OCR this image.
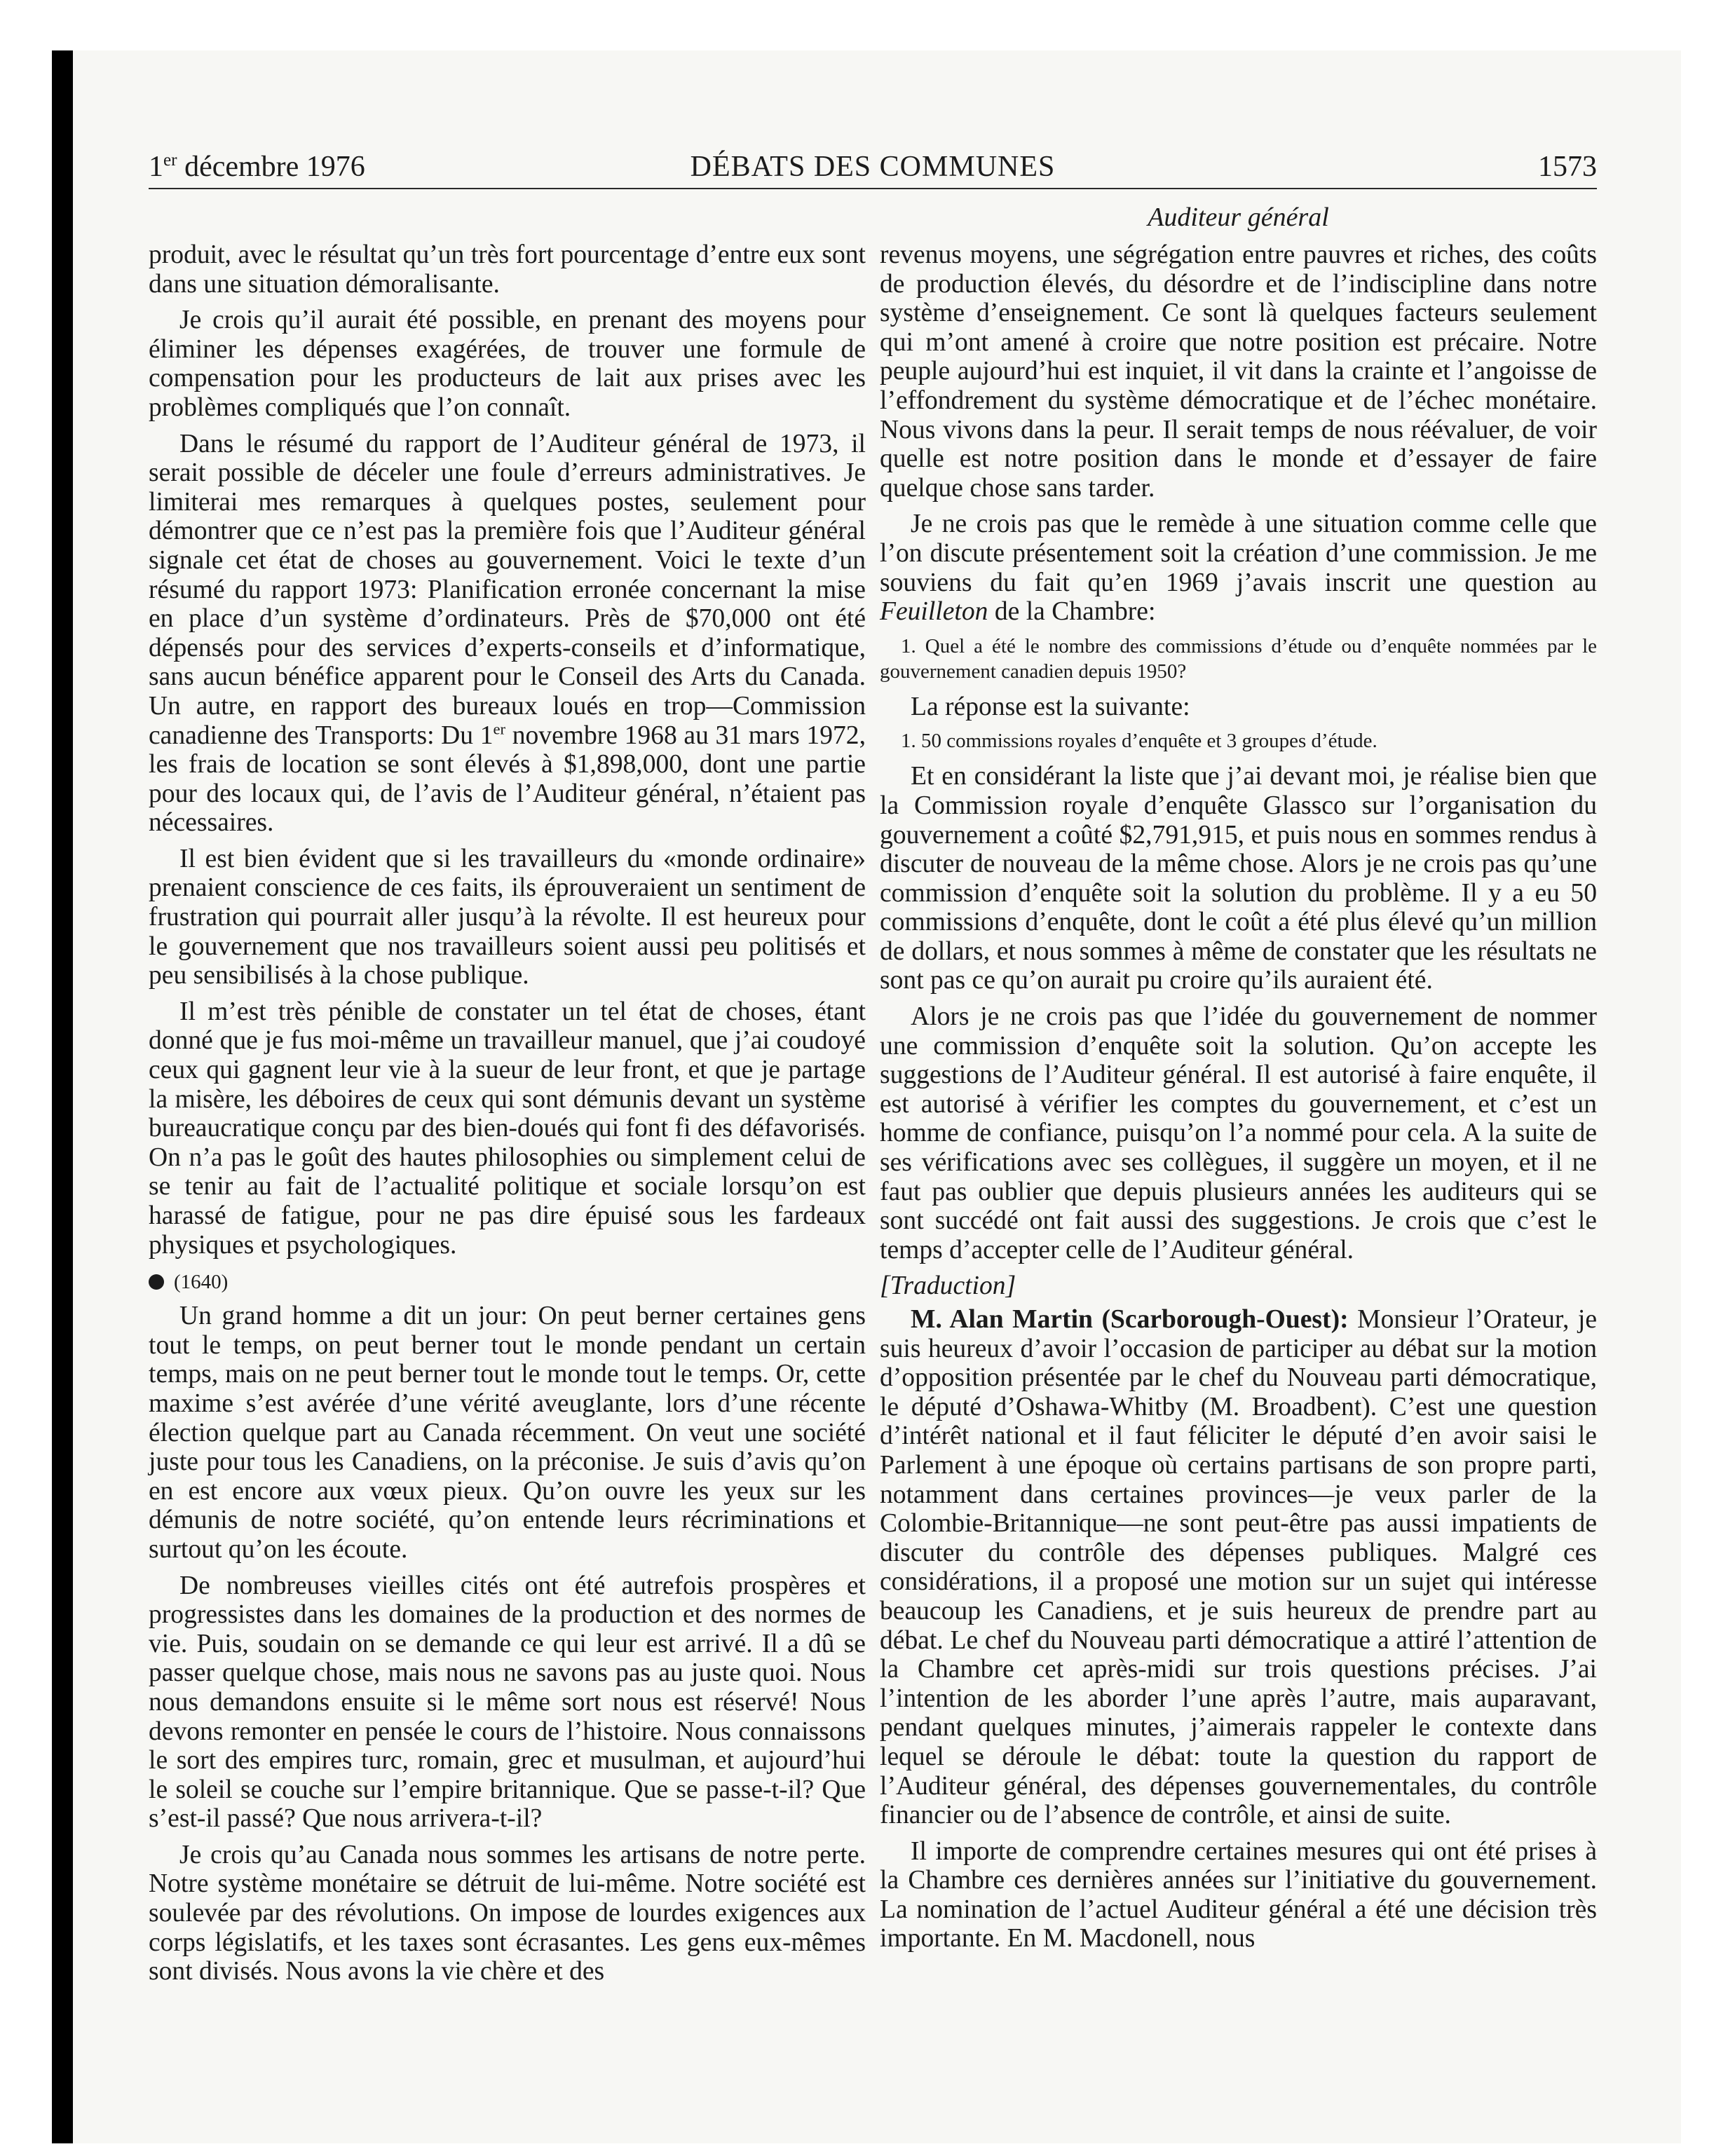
1er décembre 1976	DÉBATS DES COMMUNES	1573
Auditeur général

produit, avec le résultat qu’un très fort pourcentage d’entre eux sont dans une situation démoralisante.

Je crois qu’il aurait été possible, en prenant des moyens pour éliminer les dépenses exagérées, de trouver une formule de compensation pour les producteurs de lait aux prises avec les problèmes compliqués que l’on connaît.

Dans le résumé du rapport de l’Auditeur général de 1973, il serait possible de déceler une foule d’erreurs administratives. Je limiterai mes remarques à quelques postes, seulement pour démontrer que ce n’est pas la première fois que l’Auditeur général signale cet état de choses au gouvernement. Voici le texte d’un résumé du rapport 1973: Planification erronée concernant la mise en place d’un système d’ordinateurs. Près de $70,000 ont été dépensés pour des services d’experts-conseils et d’informatique, sans aucun bénéfice apparent pour le Conseil des Arts du Canada. Un autre, en rapport des bureaux loués en trop—Commission canadienne des Transports: Du 1er novembre 1968 au 31 mars 1972, les frais de location se sont élevés à $1,898,000, dont une partie pour des locaux qui, de l’avis de l’Auditeur général, n’étaient pas nécessaires.

Il est bien évident que si les travailleurs du «monde ordinaire» prenaient conscience de ces faits, ils éprouveraient un sentiment de frustration qui pourrait aller jusqu’à la révolte. Il est heureux pour le gouvernement que nos travailleurs soient aussi peu politisés et peu sensibilisés à la chose publique.

Il m’est très pénible de constater un tel état de choses, étant donné que je fus moi-même un travailleur manuel, que j’ai coudoyé ceux qui gagnent leur vie à la sueur de leur front, et que je partage la misère, les déboires de ceux qui sont démunis devant un système bureaucratique conçu par des bien-doués qui font fi des défavorisés. On n’a pas le goût des hautes philosophies ou simplement celui de se tenir au fait de l’actualité politique et sociale lorsqu’on est harassé de fatigue, pour ne pas dire épuisé sous les fardeaux physiques et psychologiques.

(1640)

Un grand homme a dit un jour: On peut berner certaines gens tout le temps, on peut berner tout le monde pendant un certain temps, mais on ne peut berner tout le monde tout le temps. Or, cette maxime s’est avérée d’une vérité aveuglante, lors d’une récente élection quelque part au Canada récemment. On veut une société juste pour tous les Canadiens, on la préconise. Je suis d’avis qu’on en est encore aux vœux pieux. Qu’on ouvre les yeux sur les démunis de notre société, qu’on entende leurs récriminations et surtout qu’on les écoute.

De nombreuses vieilles cités ont été autrefois prospères et progressistes dans les domaines de la production et des normes de vie. Puis, soudain on se demande ce qui leur est arrivé. Il a dû se passer quelque chose, mais nous ne savons pas au juste quoi. Nous nous demandons ensuite si le même sort nous est réservé! Nous devons remonter en pensée le cours de l’histoire. Nous connaissons le sort des empires turc, romain, grec et musulman, et aujourd’hui le soleil se couche sur l’empire britannique. Que se passe-t-il? Que s’est-il passé? Que nous arrivera-t-il?

Je crois qu’au Canada nous sommes les artisans de notre perte. Notre système monétaire se détruit de lui-même. Notre société est soulevée par des révolutions. On impose de lourdes exigences aux corps législatifs, et les taxes sont écrasantes. Les gens eux-mêmes sont divisés. Nous avons la vie chère et des

revenus moyens, une ségrégation entre pauvres et riches, des coûts de production élevés, du désordre et de l’indiscipline dans notre système d’enseignement. Ce sont là quelques facteurs seulement qui m’ont amené à croire que notre position est précaire. Notre peuple aujourd’hui est inquiet, il vit dans la crainte et l’angoisse de l’effondrement du système démocratique et de l’échec monétaire. Nous vivons dans la peur. Il serait temps de nous réévaluer, de voir quelle est notre position dans le monde et d’essayer de faire quelque chose sans tarder.

Je ne crois pas que le remède à une situation comme celle que l’on discute présentement soit la création d’une commission. Je me souviens du fait qu’en 1969 j’avais inscrit une question au Feuilleton de la Chambre:

1. Quel a été le nombre des commissions d’étude ou d’enquête nommées par le gouvernement canadien depuis 1950?

La réponse est la suivante:

1. 50 commissions royales d’enquête et 3 groupes d’étude.

Et en considérant la liste que j’ai devant moi, je réalise bien que la Commission royale d’enquête Glassco sur l’organisation du gouvernement a coûté $2,791,915, et puis nous en sommes rendus à discuter de nouveau de la même chose. Alors je ne crois pas qu’une commission d’enquête soit la solution du problème. Il y a eu 50 commissions d’enquête, dont le coût a été plus élevé qu’un million de dollars, et nous sommes à même de constater que les résultats ne sont pas ce qu’on aurait pu croire qu’ils auraient été.

Alors je ne crois pas que l’idée du gouvernement de nommer une commission d’enquête soit la solution. Qu’on accepte les suggestions de l’Auditeur général. Il est autorisé à faire enquête, il est autorisé à vérifier les comptes du gouvernement, et c’est un homme de confiance, puisqu’on l’a nommé pour cela. A la suite de ses vérifications avec ses collègues, il suggère un moyen, et il ne faut pas oublier que depuis plusieurs années les auditeurs qui se sont succédé ont fait aussi des suggestions. Je crois que c’est le temps d’accepter celle de l’Auditeur général.

[Traduction]

M. Alan Martin (Scarborough-Ouest): Monsieur l’Orateur, je suis heureux d’avoir l’occasion de participer au débat sur la motion d’opposition présentée par le chef du Nouveau parti démocratique, le député d’Oshawa-Whitby (M. Broadbent). C’est une question d’intérêt national et il faut féliciter le député d’en avoir saisi le Parlement à une époque où certains partisans de son propre parti, notamment dans certaines provinces—je veux parler de la Colombie-Britannique—ne sont peut-être pas aussi impatients de discuter du contrôle des dépenses publiques. Malgré ces considérations, il a proposé une motion sur un sujet qui intéresse beaucoup les Canadiens, et je suis heureux de prendre part au débat. Le chef du Nouveau parti démocratique a attiré l’attention de la Chambre cet après-midi sur trois questions précises. J’ai l’intention de les aborder l’une après l’autre, mais auparavant, pendant quelques minutes, j’aimerais rappeler le contexte dans lequel se déroule le débat: toute la question du rapport de l’Auditeur général, des dépenses gouvernementales, du contrôle financier ou de l’absence de contrôle, et ainsi de suite.

Il importe de comprendre certaines mesures qui ont été prises à la Chambre ces dernières années sur l’initiative du gouvernement. La nomination de l’actuel Auditeur général a été une décision très importante. En M. Macdonell, nous
